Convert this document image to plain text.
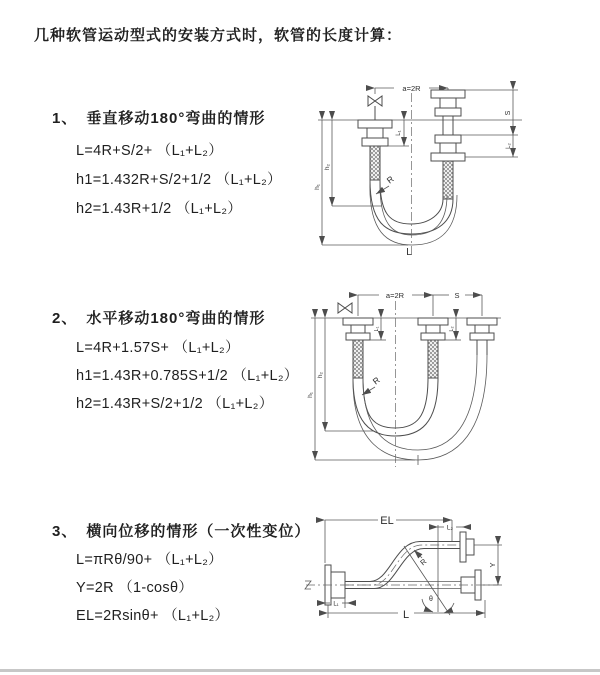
几种软管运动型式的安装方式时，软管的长度计算：
1、 垂直移动180°弯曲的情形
L=4R+S/2+ （L₁+L₂）
h1=1.432R+S/2+1/2 （L₁+L₂）
h2=1.43R+1/2 （L₁+L₂）
2、 水平移动180°弯曲的情形
L=4R+1.57S+ （L₁+L₂）
h1=1.43R+0.785S+1/2 （L₁+L₂）
h2=1.43R+S/2+1/2 （L₁+L₂）
3、 横向位移的情形（一次性变位）
L=πRθ/90+ （L₁+L₂）
Y=2R （1-cosθ）
EL=2Rsinθ+ （L₁+L₂）
a=2R
h₁
h₂
L₁
S
L₂
R
L
a=2R	S
h₁
h₂
L₁	L₂
R
EL
L₂
Y
θ
R
L
L₁
